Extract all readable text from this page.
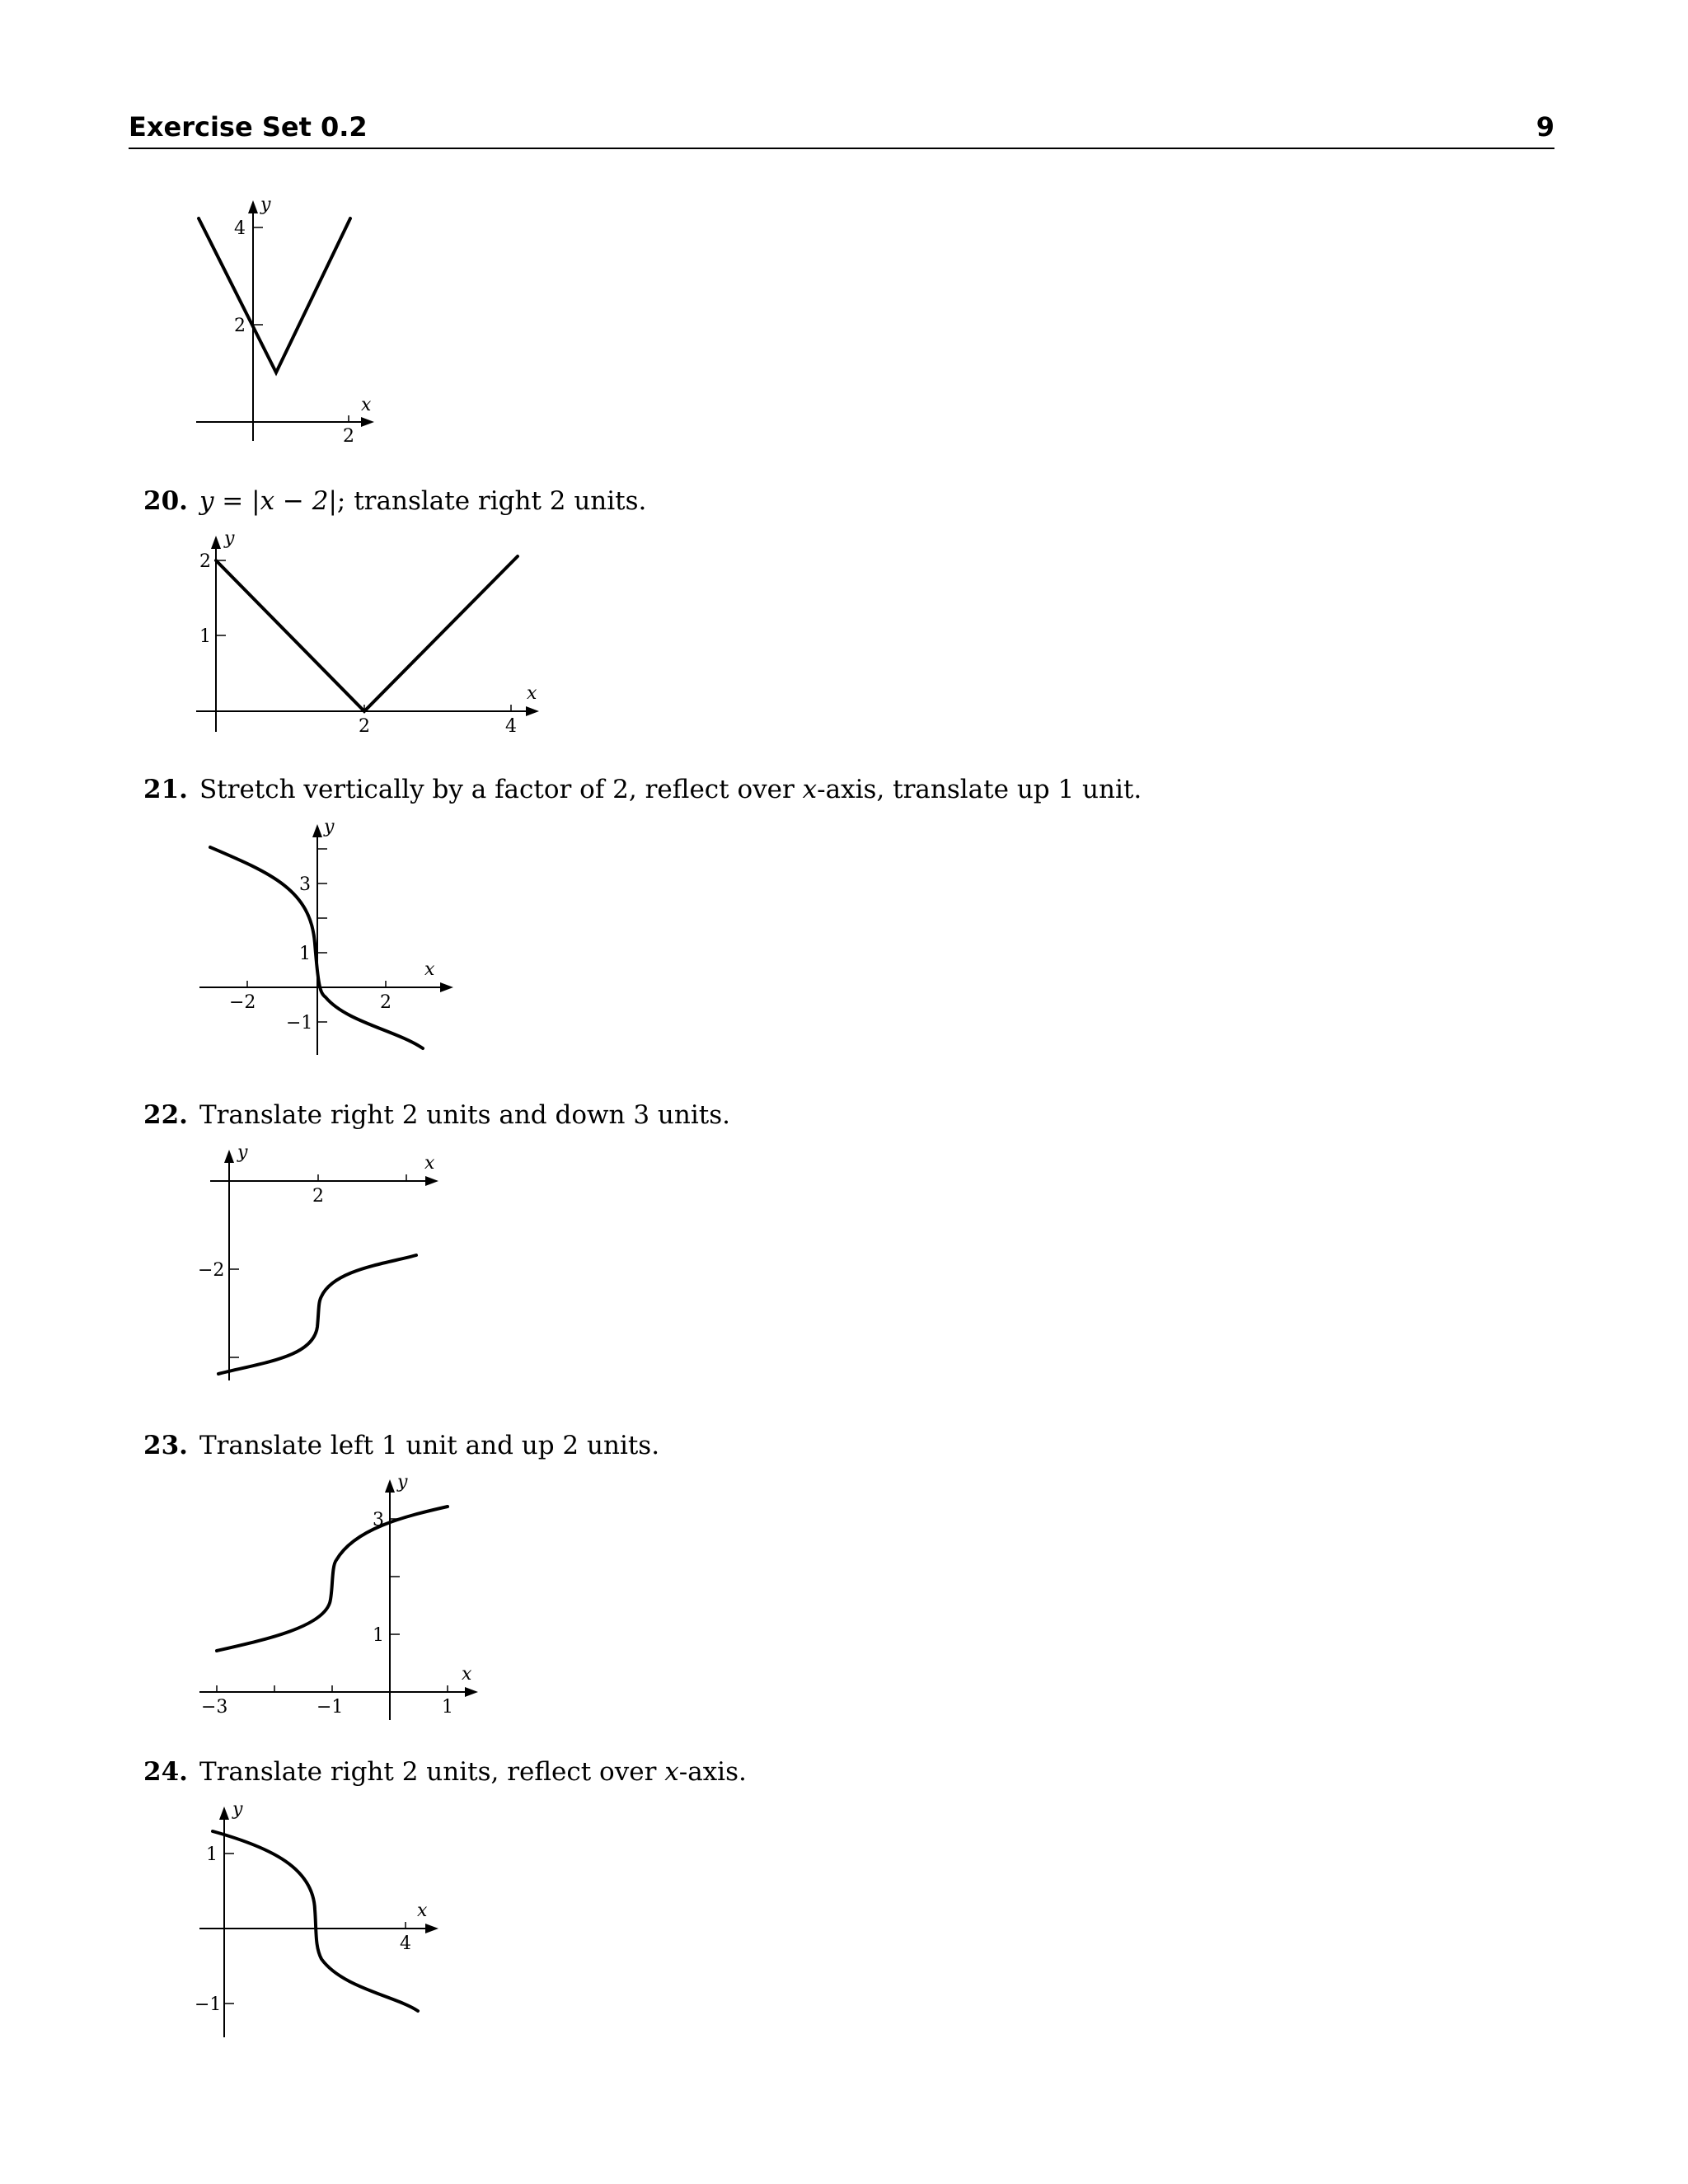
Exercise Set 0.2	9
x
y
2
2
4
20. y = |x − 2|; translate right 2 units.
x
y
2	4
1
2
21. Stretch vertically by a factor of 2, reflect over x-axis, translate up 1 unit.
x
y
−2	2
3
1
−1
22. Translate right 2 units and down 3 units.
x
y
2
−2
23. Translate left 1 unit and up 2 units.
x
y
−3	−1	1
1
3
24. Translate right 2 units, reflect over x-axis.
x
y
4
1
−1
